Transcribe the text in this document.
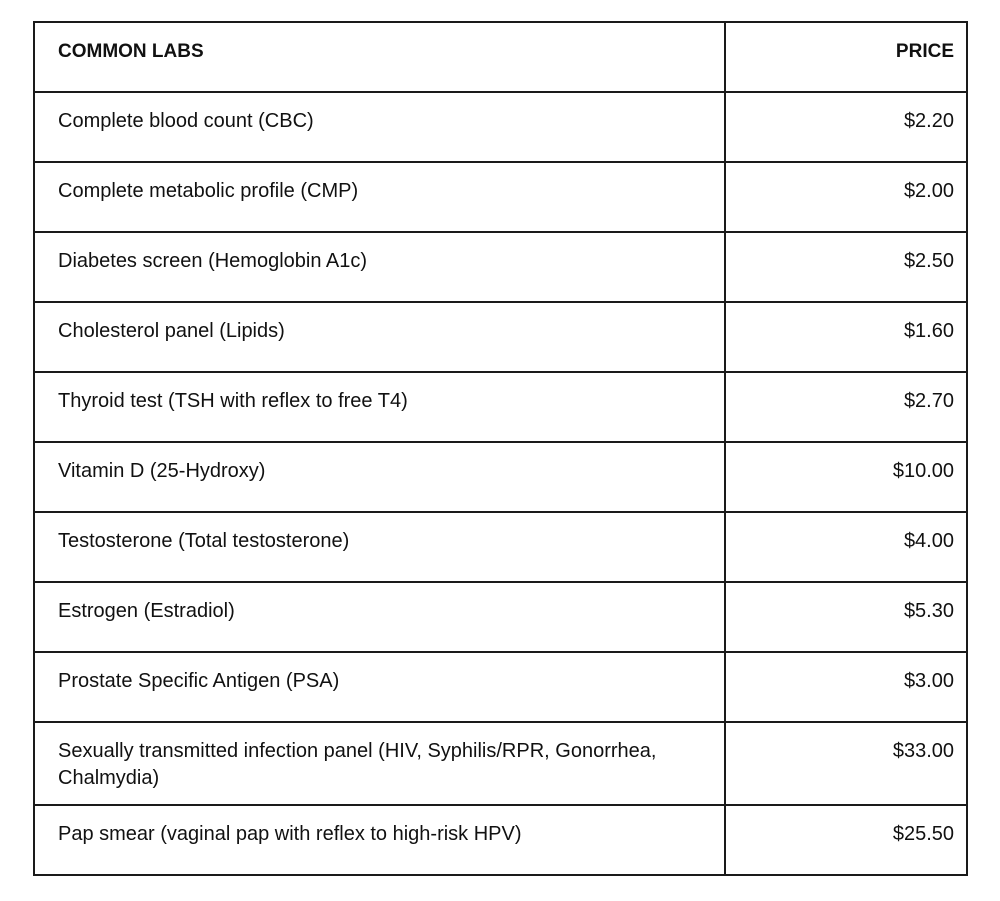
COMMON LABS	PRICE
Complete blood count (CBC)	$2.20
Complete metabolic profile (CMP)	$2.00
Diabetes screen (Hemoglobin A1c)	$2.50
Cholesterol panel (Lipids)	$1.60
Thyroid test (TSH with reflex to free T4)	$2.70
Vitamin D (25-Hydroxy)	$10.00
Testosterone (Total testosterone)	$4.00
Estrogen (Estradiol)	$5.30
Prostate Specific Antigen (PSA)	$3.00
Sexually transmitted infection panel (HIV, Syphilis/RPR, Gonorrhea, Chalmydia)	$33.00
Pap smear (vaginal pap with reflex to high-risk HPV)	$25.50
